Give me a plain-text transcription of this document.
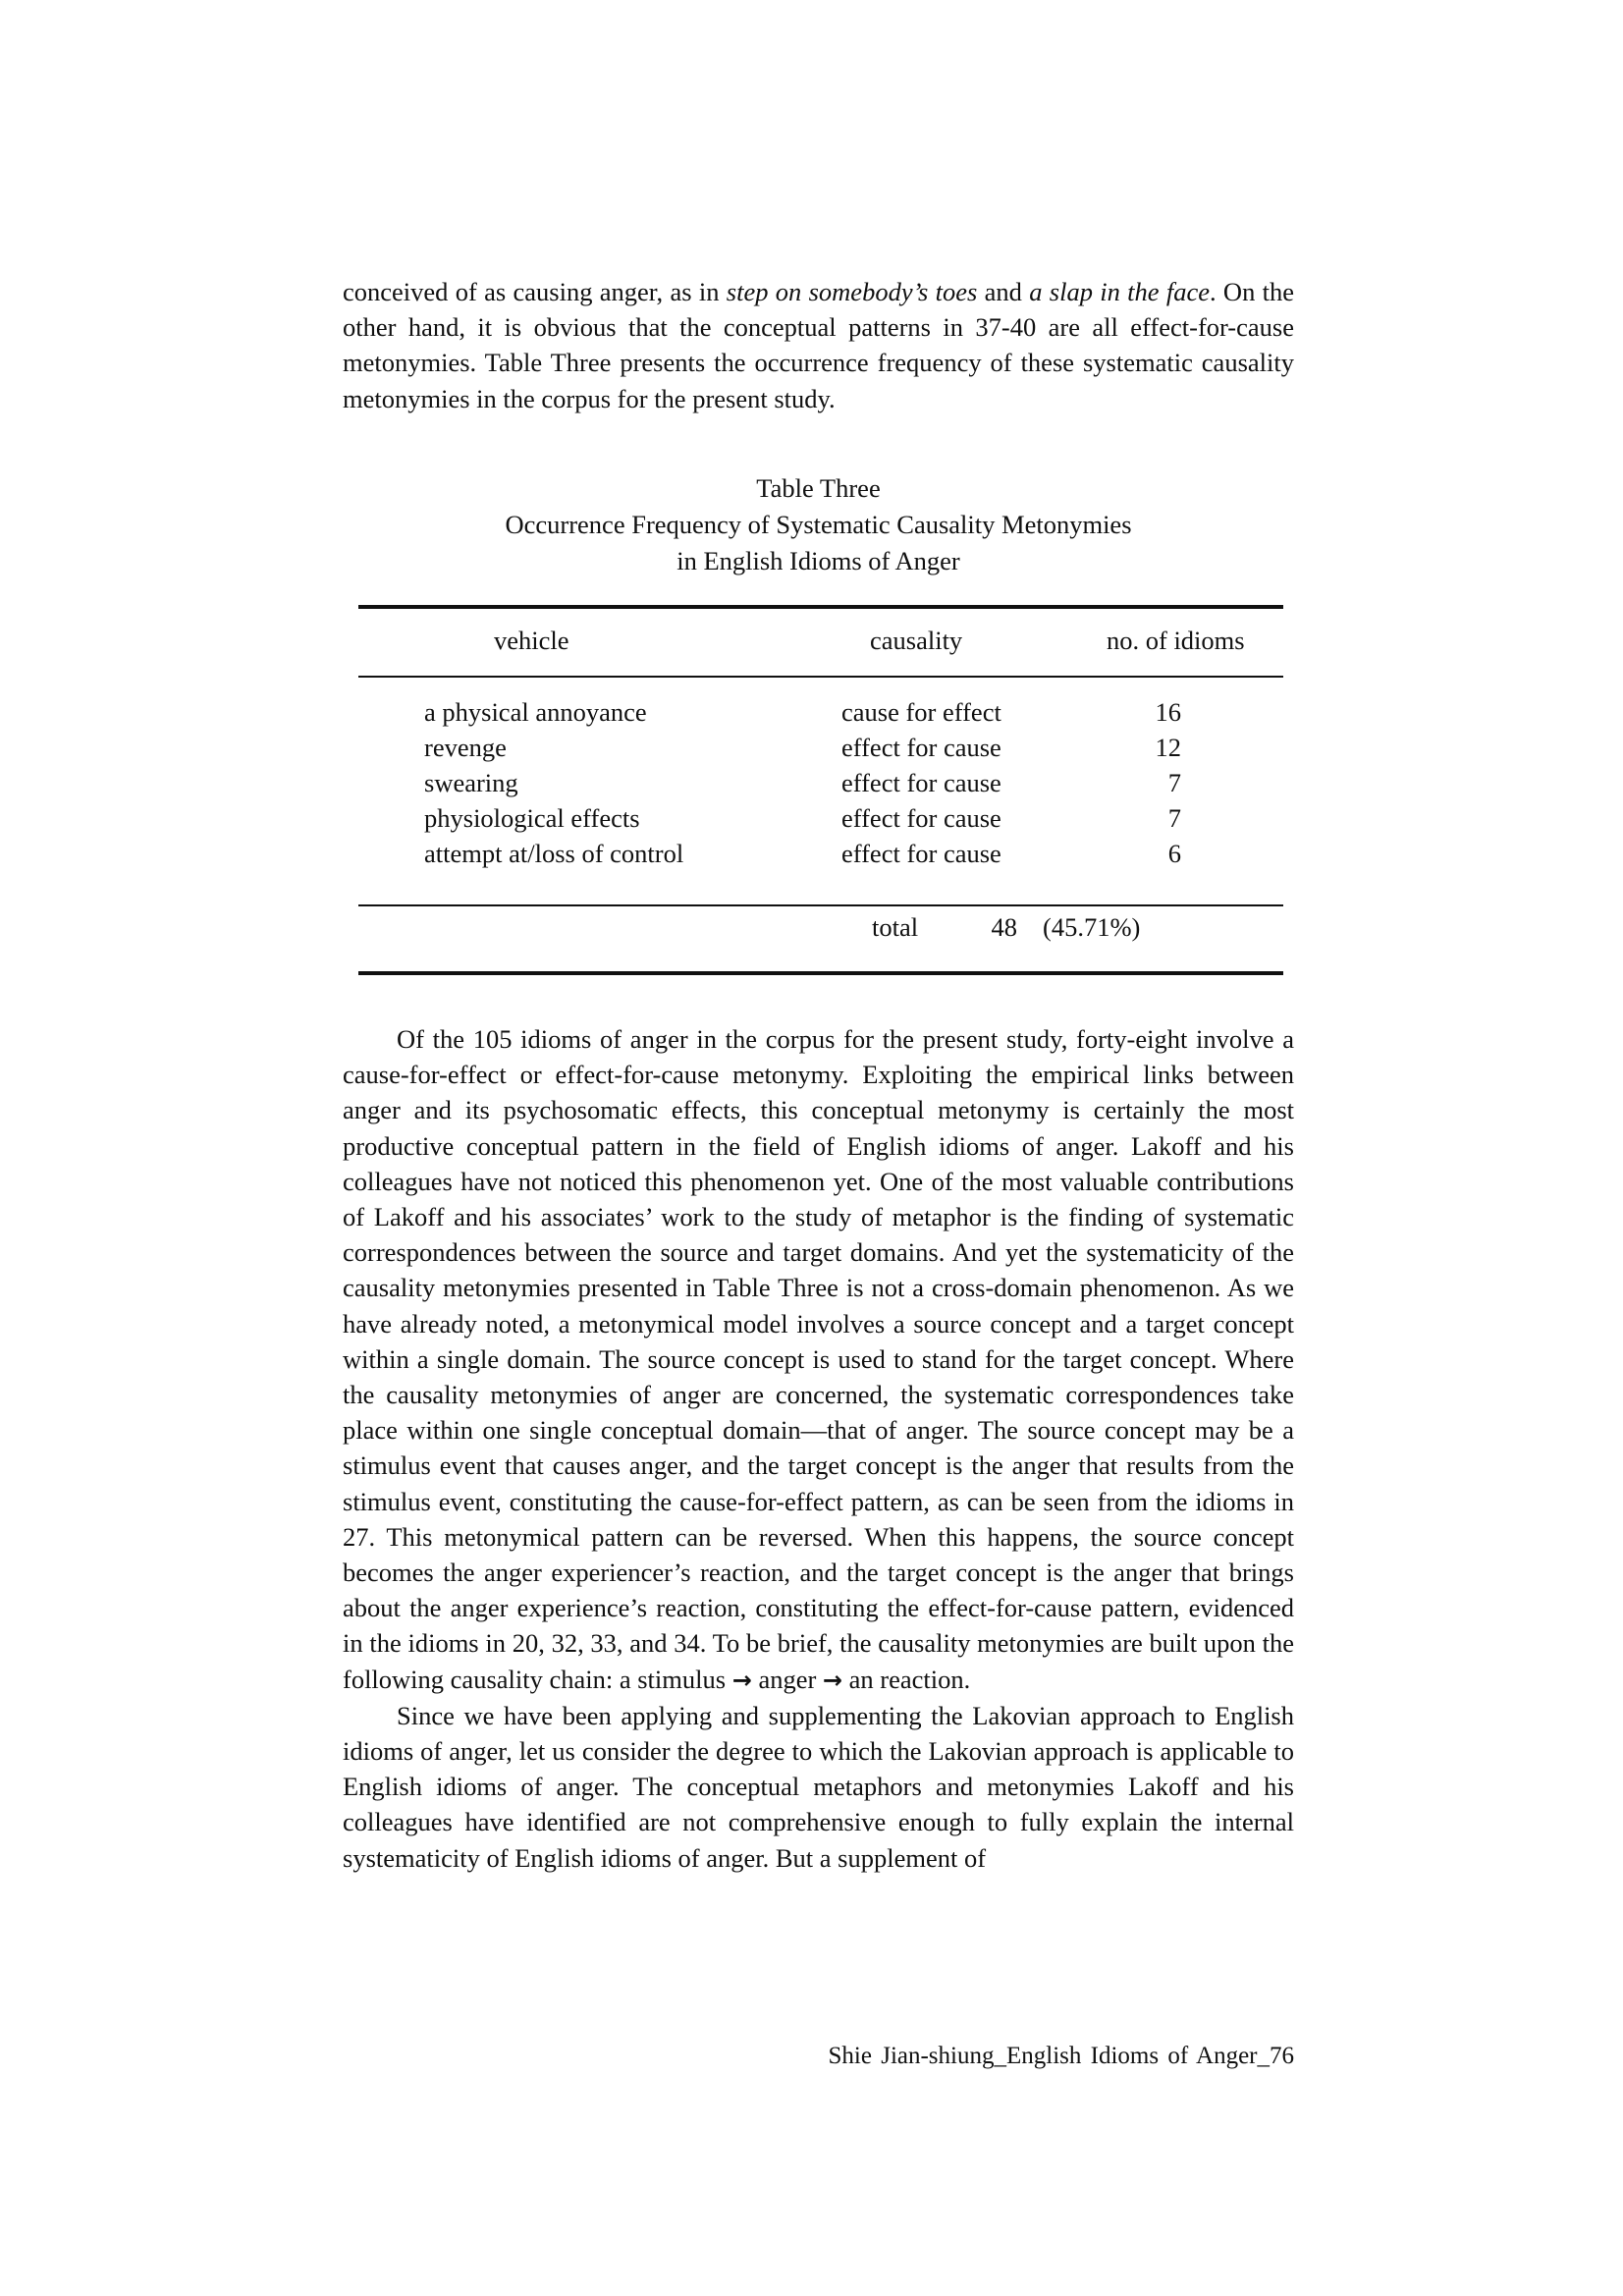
conceived of as causing anger, as in step on somebody’s toes and a slap in the face. On the other hand, it is obvious that the conceptual patterns in 37-40 are all effect-for-cause metonymies. Table Three presents the occurrence frequency of these systematic causality metonymies in the corpus for the present study.

Table Three
Occurrence Frequency of Systematic Causality Metonymies
in English Idioms of Anger
vehicle	causality	no. of idioms
a physical annoyance	cause for effect	16
revenge	effect for cause	12
swearing	effect for cause	7
physiological effects	effect for cause	7
attempt at/loss of control	effect for cause	6
total	48 (45.71%)

Of the 105 idioms of anger in the corpus for the present study, forty-eight involve a cause-for-effect or effect-for-cause metonymy. Exploiting the empirical links between anger and its psychosomatic effects, this conceptual metonymy is certainly the most productive conceptual pattern in the field of English idioms of anger. Lakoff and his colleagues have not noticed this phenomenon yet. One of the most valuable contributions of Lakoff and his associates’ work to the study of metaphor is the finding of systematic correspondences between the source and target domains. And yet the systematicity of the causality metonymies presented in Table Three is not a cross-domain phenomenon. As we have already noted, a metonymical model involves a source concept and a target concept within a single domain. The source concept is used to stand for the target concept. Where the causality metonymies of anger are concerned, the systematic correspondences take place within one single conceptual domain—that of anger. The source concept may be a stimulus event that causes anger, and the target concept is the anger that results from the stimulus event, constituting the cause-for-effect pattern, as can be seen from the idioms in 27. This metonymical pattern can be reversed. When this happens, the source concept becomes the anger experiencer’s reaction, and the target concept is the anger that brings about the anger experience’s reaction, constituting the effect-for-cause pattern, evidenced in the idioms in 20, 32, 33, and 34. To be brief, the causality metonymies are built upon the following causality chain: a stimulus → anger → an reaction.

Since we have been applying and supplementing the Lakovian approach to English idioms of anger, let us consider the degree to which the Lakovian approach is applicable to English idioms of anger. The conceptual metaphors and metonymies Lakoff and his colleagues have identified are not comprehensive enough to fully explain the internal systematicity of English idioms of anger. But a supplement of

Shie Jian-shiung_English Idioms of Anger_76
